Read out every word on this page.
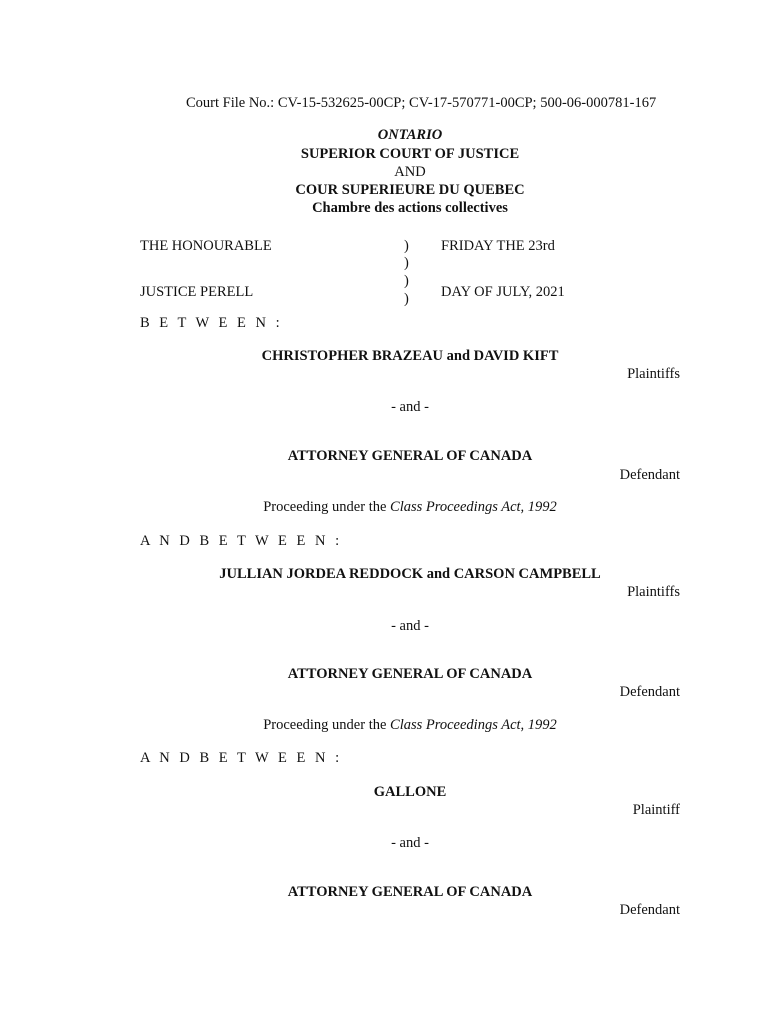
Court File No.: CV-15-532625-00CP; CV-17-570771-00CP; 500-06-000781-167
ONTARIO
SUPERIOR COURT OF JUSTICE
AND
COUR SUPERIEURE DU QUEBEC
Chambre des actions collectives
THE HONOURABLE
JUSTICE PERELL
)
)
)
)
FRIDAY THE 23rd
DAY OF JULY, 2021
B E T W E E N :
CHRISTOPHER BRAZEAU and DAVID KIFT
Plaintiffs
- and -
ATTORNEY GENERAL OF CANADA
Defendant
Proceeding under the Class Proceedings Act, 1992
A N D B E T W E E N :
JULLIAN JORDEA REDDOCK and CARSON CAMPBELL
Plaintiffs
- and -
ATTORNEY GENERAL OF CANADA
Defendant
Proceeding under the Class Proceedings Act, 1992
A N D B E T W E E N :
GALLONE
Plaintiff
- and -
ATTORNEY GENERAL OF CANADA
Defendant
